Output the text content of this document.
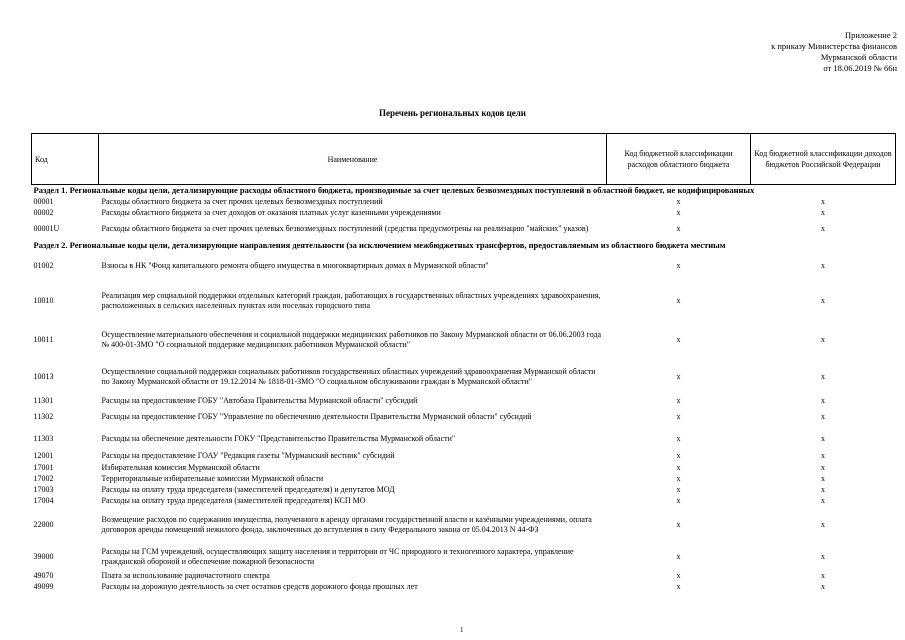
Приложение 2
к приказу Министерства финансов
Мурманской области
от 18.06.2019 № 66н
Перечень региональных кодов цели
Код	Наименование	Код бюджетной классификации расходов областного бюджета	Код бюджетной классификации доходов бюджетов Российской Федерации
Раздел 1. Региональные коды цели, детализирующие расходы областного бюджета, производимые за счет целевых безвозмездных поступлений в областной бюджет, не кодифицированных			
00001	Расходы областного бюджета за счет прочих целевых безвозмездных поступлений	x	x
00002	Расходы областного бюджета за счет доходов от оказания платных услуг казенными учреждениями	x	x
00001U	Расходы областного бюджета за счет прочих целевых безвозмездных поступлений (средства предусмотрены на реализацию "майских" указов)	x	x
Раздел 2. Региональные коды цели, детализирующие направления деятельности (за исключением межбюджетных трансфертов, предоставляемым из областного бюджета местным			
01002	Взносы в НК "Фонд капитального ремонта общего имущества в многоквартирных домах в Мурманской области"	x	x
10010	Реализация мер социальной поддержки отдельных категорий граждан, работающих в государственных областных учреждениях здравоохранения, расположенных в сельских населенных пунктах или поселках городского типа	x	x
10011	Осуществление материального обеспечения и социальной поддержки медицинских работников по Закону Мурманской области от 06.06.2003 года № 400-01-ЗМО "О социальной поддержке медицинских работников Мурманской области"	x	x
10013	Осуществление социальной поддержки социальных работников государственных областных учреждений здравоохранения Мурманской области по Закону Мурманской области от 19.12.2014 № 1818-01-ЗМО "О социальном обслуживании граждан в Мурманской области"	x	x
11301	Расходы на предоставление ГОБУ "Автобаза Правительства Мурманской области" субсидий	x	x
11302	Расходы на предоставление ГОБУ "Управление по обеспечению деятельности Правительства Мурманской области" субсидий	x	x
11303	Расходы на обеспечение деятельности ГОКУ "Представительство Правительства Мурманской области"	x	x
12001	Расходы на предоставление ГОАУ "Редакция газеты "Мурманский вестник" субсидий	x	x
17001	Избирательная комиссия Мурманской области	x	x
17002	Территориальные избирательные комиссии Мурманской области	x	x
17003	Расходы на оплату труда председателя (заместителей председателя) и депутатов МОД	x	x
17004	Расходы на оплату труда председателя (заместителей председателя) КСП МО	x	x
22000	Возмещение расходов по содержанию имущества, полученного в аренду органами государственной власти и казёнными учреждениями, оплата договоров аренды помещений нежилого фонда, заключенных до вступления в силу Федерального закона от 05.04.2013 N 44-ФЗ	x	x
39000	Расходы на ГСМ учреждений, осуществляющих защиту населения и территории от ЧС природного и техногенного характера, управление гражданской обороной и обеспечение пожарной безопасности	x	x
49070	Плата за использование радиочастотного спектра	x	x
49099	Расходы на дорожную деятельность за счет остатков средств дорожного фонда прошлых лет	x	x
1
